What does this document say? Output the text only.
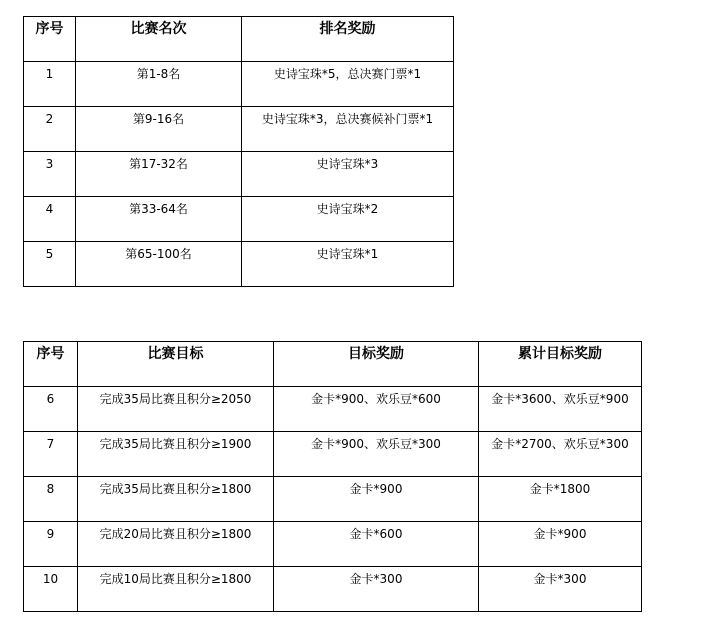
序号	比赛名次	排名奖励
1	第1-8名	史诗宝珠*5，总决赛门票*1
2	第9-16名	史诗宝珠*3，总决赛候补门票*1
3	第17-32名	史诗宝珠*3
4	第33-64名	史诗宝珠*2
5	第65-100名	史诗宝珠*1
序号	比赛目标	目标奖励	累计目标奖励
6	完成35局比赛且积分≥2050	金卡*900、欢乐豆*600	金卡*3600、欢乐豆*900
7	完成35局比赛且积分≥1900	金卡*900、欢乐豆*300	金卡*2700、欢乐豆*300
8	完成35局比赛且积分≥1800	金卡*900	金卡*1800
9	完成20局比赛且积分≥1800	金卡*600	金卡*900
10	完成10局比赛且积分≥1800	金卡*300	金卡*300
